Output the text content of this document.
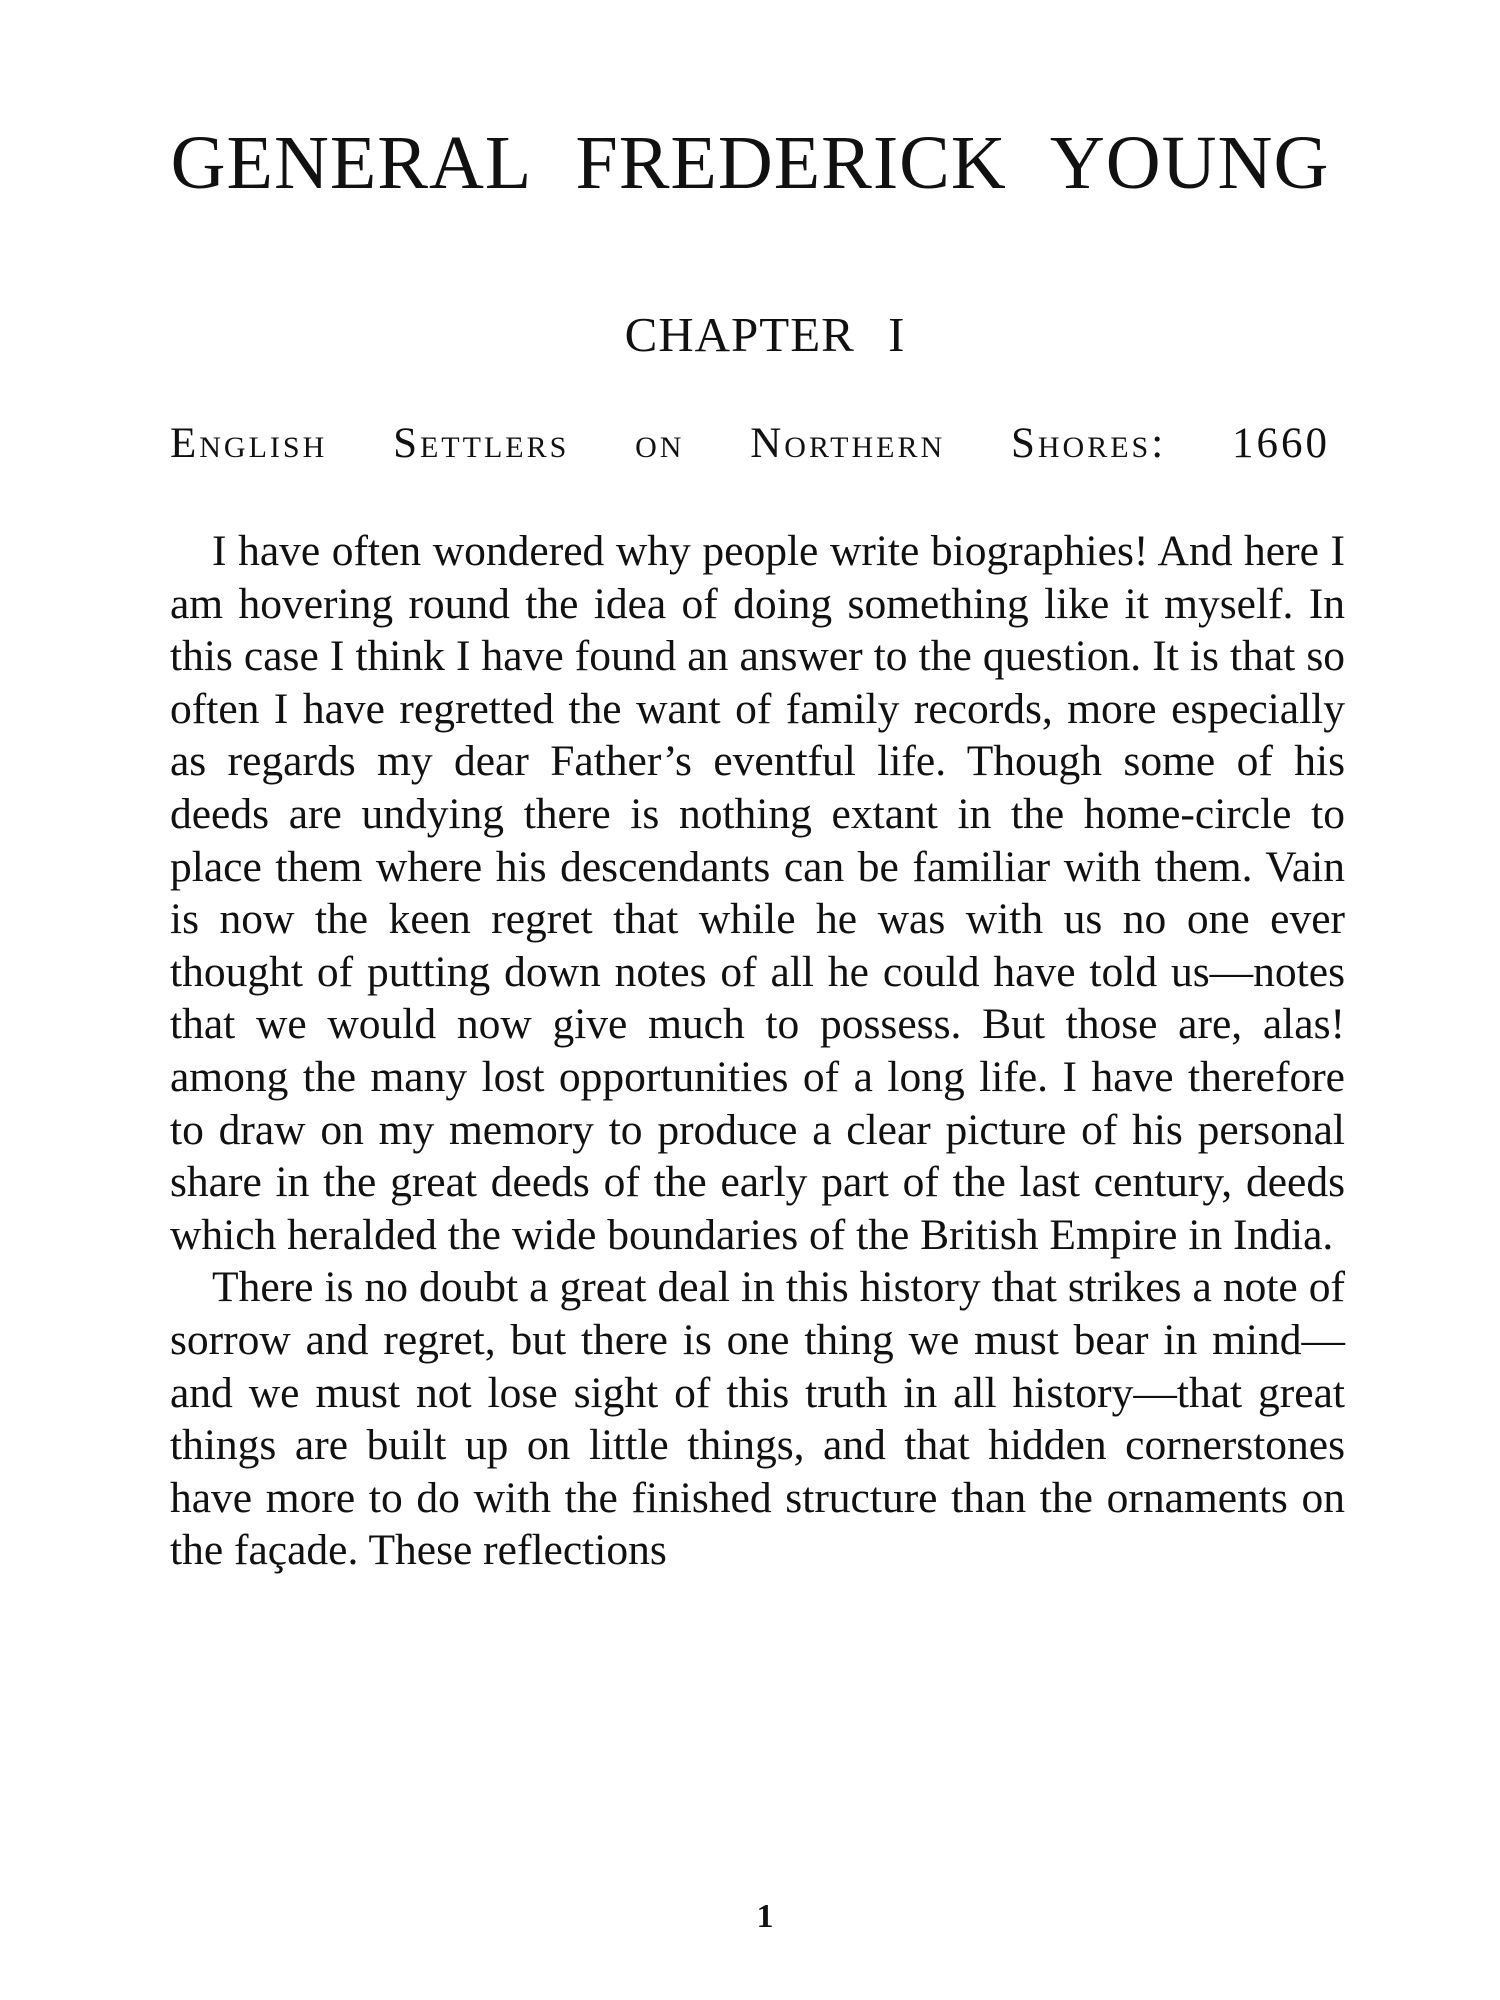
GENERAL FREDERICK YOUNG
CHAPTER I
English Settlers on Northern Shores: 1660

I have often wondered why people write biographies! And here I am hovering round the idea of doing something like it myself. In this case I think I have found an answer to the question. It is that so often I have regretted the want of family records, more especially as regards my dear Father’s eventful life. Though some of his deeds are undying there is nothing extant in the home-circle to place them where his descendants can be familiar with them. Vain is now the keen regret that while he was with us no one ever thought of putting down notes of all he could have told us—notes that we would now give much to possess. But those are, alas! among the many lost opportunities of a long life. I have therefore to draw on my memory to produce a clear picture of his personal share in the great deeds of the early part of the last century, deeds which heralded the wide boundaries of the British Empire in India.

There is no doubt a great deal in this history that strikes a note of sorrow and regret, but there is one thing we must bear in mind—and we must not lose sight of this truth in all history—that great things are built up on little things, and that hidden cornerstones have more to do with the finished structure than the ornaments on the façade. These reflections

1
